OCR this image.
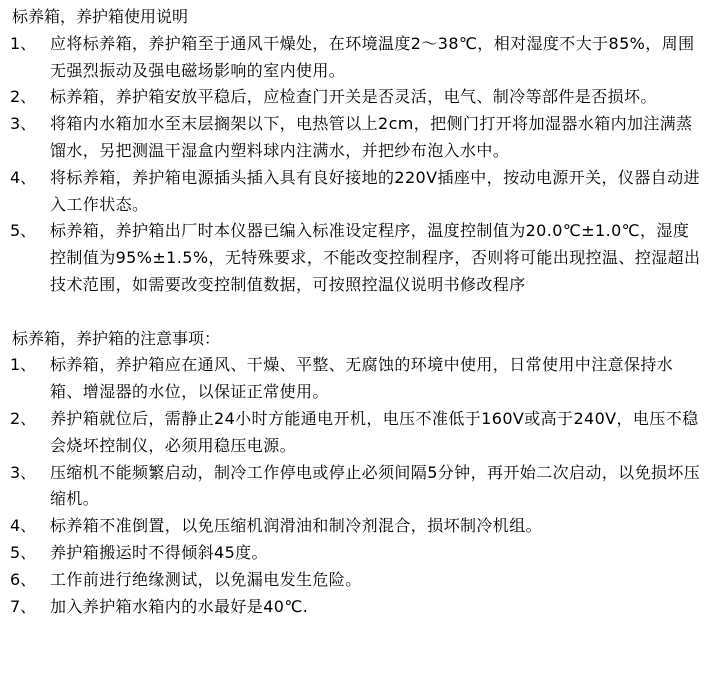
标养箱，养护箱使用说明
1、 应将标养箱，养护箱至于通风干燥处，在环境温度2～38℃，相对湿度不大于85%，周围无强烈振动及强电磁场影响的室内使用。
2、 标养箱，养护箱安放平稳后，应检查门开关是否灵活，电气、制冷等部件是否损坏。
3、 将箱内水箱加水至末层搁架以下，电热管以上2cm，把侧门打开将加湿器水箱内加注满蒸馏水，另把测温干湿盒内塑料球内注满水，并把纱布泡入水中。
4、 将标养箱，养护箱电源插头插入具有良好接地的220V插座中，按动电源开关，仪器自动进入工作状态。
5、 标养箱，养护箱出厂时本仪器已编入标准设定程序，温度控制值为20.0℃±1.0℃，湿度控制值为95%±1.5%，无特殊要求，不能改变控制程序，否则将可能出现控温、控湿超出技术范围，如需要改变控制值数据，可按照控温仪说明书修改程序
标养箱，养护箱的注意事项：
1、 标养箱，养护箱应在通风、干燥、平整、无腐蚀的环境中使用，日常使用中注意保持水箱、增湿器的水位，以保证正常使用。
2、 养护箱就位后，需静止24小时方能通电开机，电压不准低于160V或高于240V，电压不稳会烧坏控制仪，必须用稳压电源。
3、 压缩机不能频繁启动，制冷工作停电或停止必须间隔5分钟，再开始二次启动，以免损坏压缩机。
4、 标养箱不准倒置，以免压缩机润滑油和制冷剂混合，损坏制冷机组。
5、 养护箱搬运时不得倾斜45度。
6、 工作前进行绝缘测试，以免漏电发生危险。
7、 加入养护箱水箱内的水最好是40℃.
